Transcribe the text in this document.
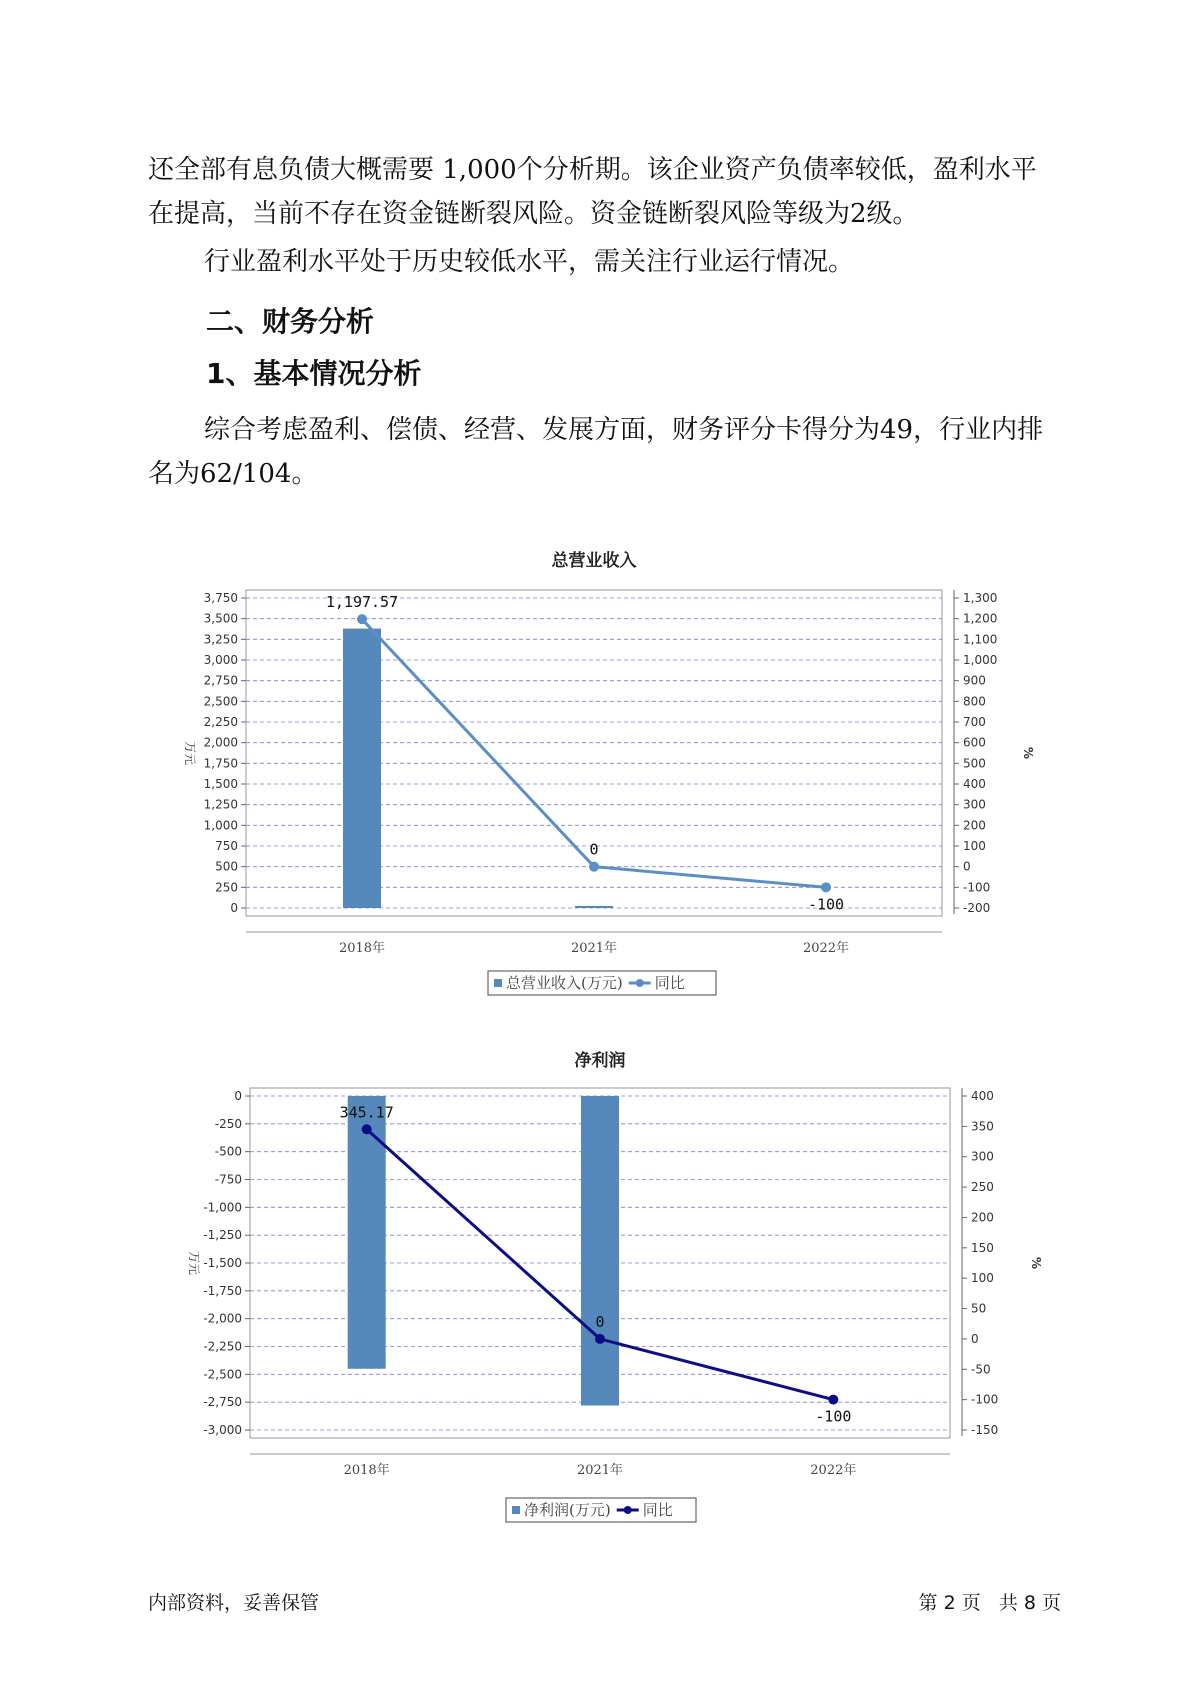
还全部有息负债大概需要 1,000个分析期。该企业资产负债率较低，盈利水平在提高，当前不存在资金链断裂风险。资金链断裂风险等级为2级。

行业盈利水平处于历史较低水平，需关注行业运行情况。

二、财务分析
1、基本情况分析

综合考虑盈利、偿债、经营、发展方面，财务评分卡得分为49，行业内排名为62/104。

总营业收入
0
250
500
750
1,000
1,250
1,500
1,750
2,000
2,250
2,500
2,750
3,000
3,250
3,500
3,750
-200
-100
0
100
200
300
400
500
600
700
800
900
1,000
1,100
1,200
1,300
万元	%
2018年	2021年	2022年
1,197.57
0
-100
总营业收入(万元) 同比
净利润
-3,000
-2,750
-2,500
-2,250
-2,000
-1,750
-1,500
-1,250
-1,000
-750
-500
-250
0
-150
-100
-50
0
50
100
150
200
250
300
350
400
万元	%
2018年	2021年	2022年
345.17
0
-100
净利润(万元) 同比
内部资料，妥善保管	第 2 页   共 8 页
